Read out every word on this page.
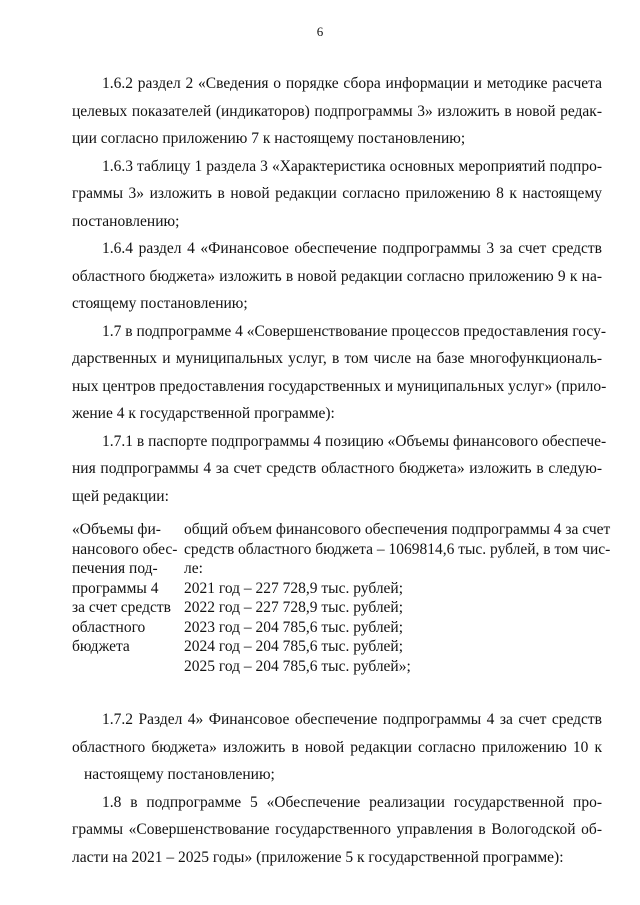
6
1.6.2 раздел 2 «Сведения о порядке сбора информации и методике расчета
целевых показателей (индикаторов) подпрограммы 3» изложить в новой редак-
ции согласно приложению 7 к настоящему постановлению;
1.6.3 таблицу 1 раздела 3 «Характеристика основных мероприятий подпро-
граммы 3» изложить в новой редакции согласно приложению 8 к настоящему
постановлению;
1.6.4 раздел 4 «Финансовое обеспечение подпрограммы 3 за счет средств
областного бюджета» изложить в новой редакции согласно приложению 9 к на-
стоящему постановлению;
1.7 в подпрограмме 4 «Совершенствование процессов предоставления госу-
дарственных и муниципальных услуг, в том числе на базе многофункциональ-
ных центров предоставления государственных и муниципальных услуг» (прило-
жение 4 к государственной программе):
1.7.1 в паспорте подпрограммы 4 позицию «Объемы финансового обеспече-
ния подпрограммы 4 за счет средств областного бюджета» изложить в следую-
щей редакции:
«Объемы фи-
нансового обес-
печения под-
программы 4
за счет средств
областного
бюджета
общий объем финансового обеспечения подпрограммы 4 за счет
средств областного бюджета – 1069814,6 тыс. рублей, в том чис-
ле:
2021 год – 227 728,9 тыс. рублей;
2022 год – 227 728,9 тыс. рублей;
2023 год – 204 785,6 тыс. рублей;
2024 год – 204 785,6 тыс. рублей;
2025 год – 204 785,6 тыс. рублей»;
1.7.2 Раздел 4» Финансовое обеспечение подпрограммы 4 за счет средств
областного бюджета» изложить в новой редакции согласно приложению 10 к
настоящему постановлению;
1.8 в подпрограмме 5 «Обеспечение реализации государственной про-
граммы «Совершенствование государственного управления в Вологодской об-
ласти на 2021 – 2025 годы» (приложение 5 к государственной программе):
